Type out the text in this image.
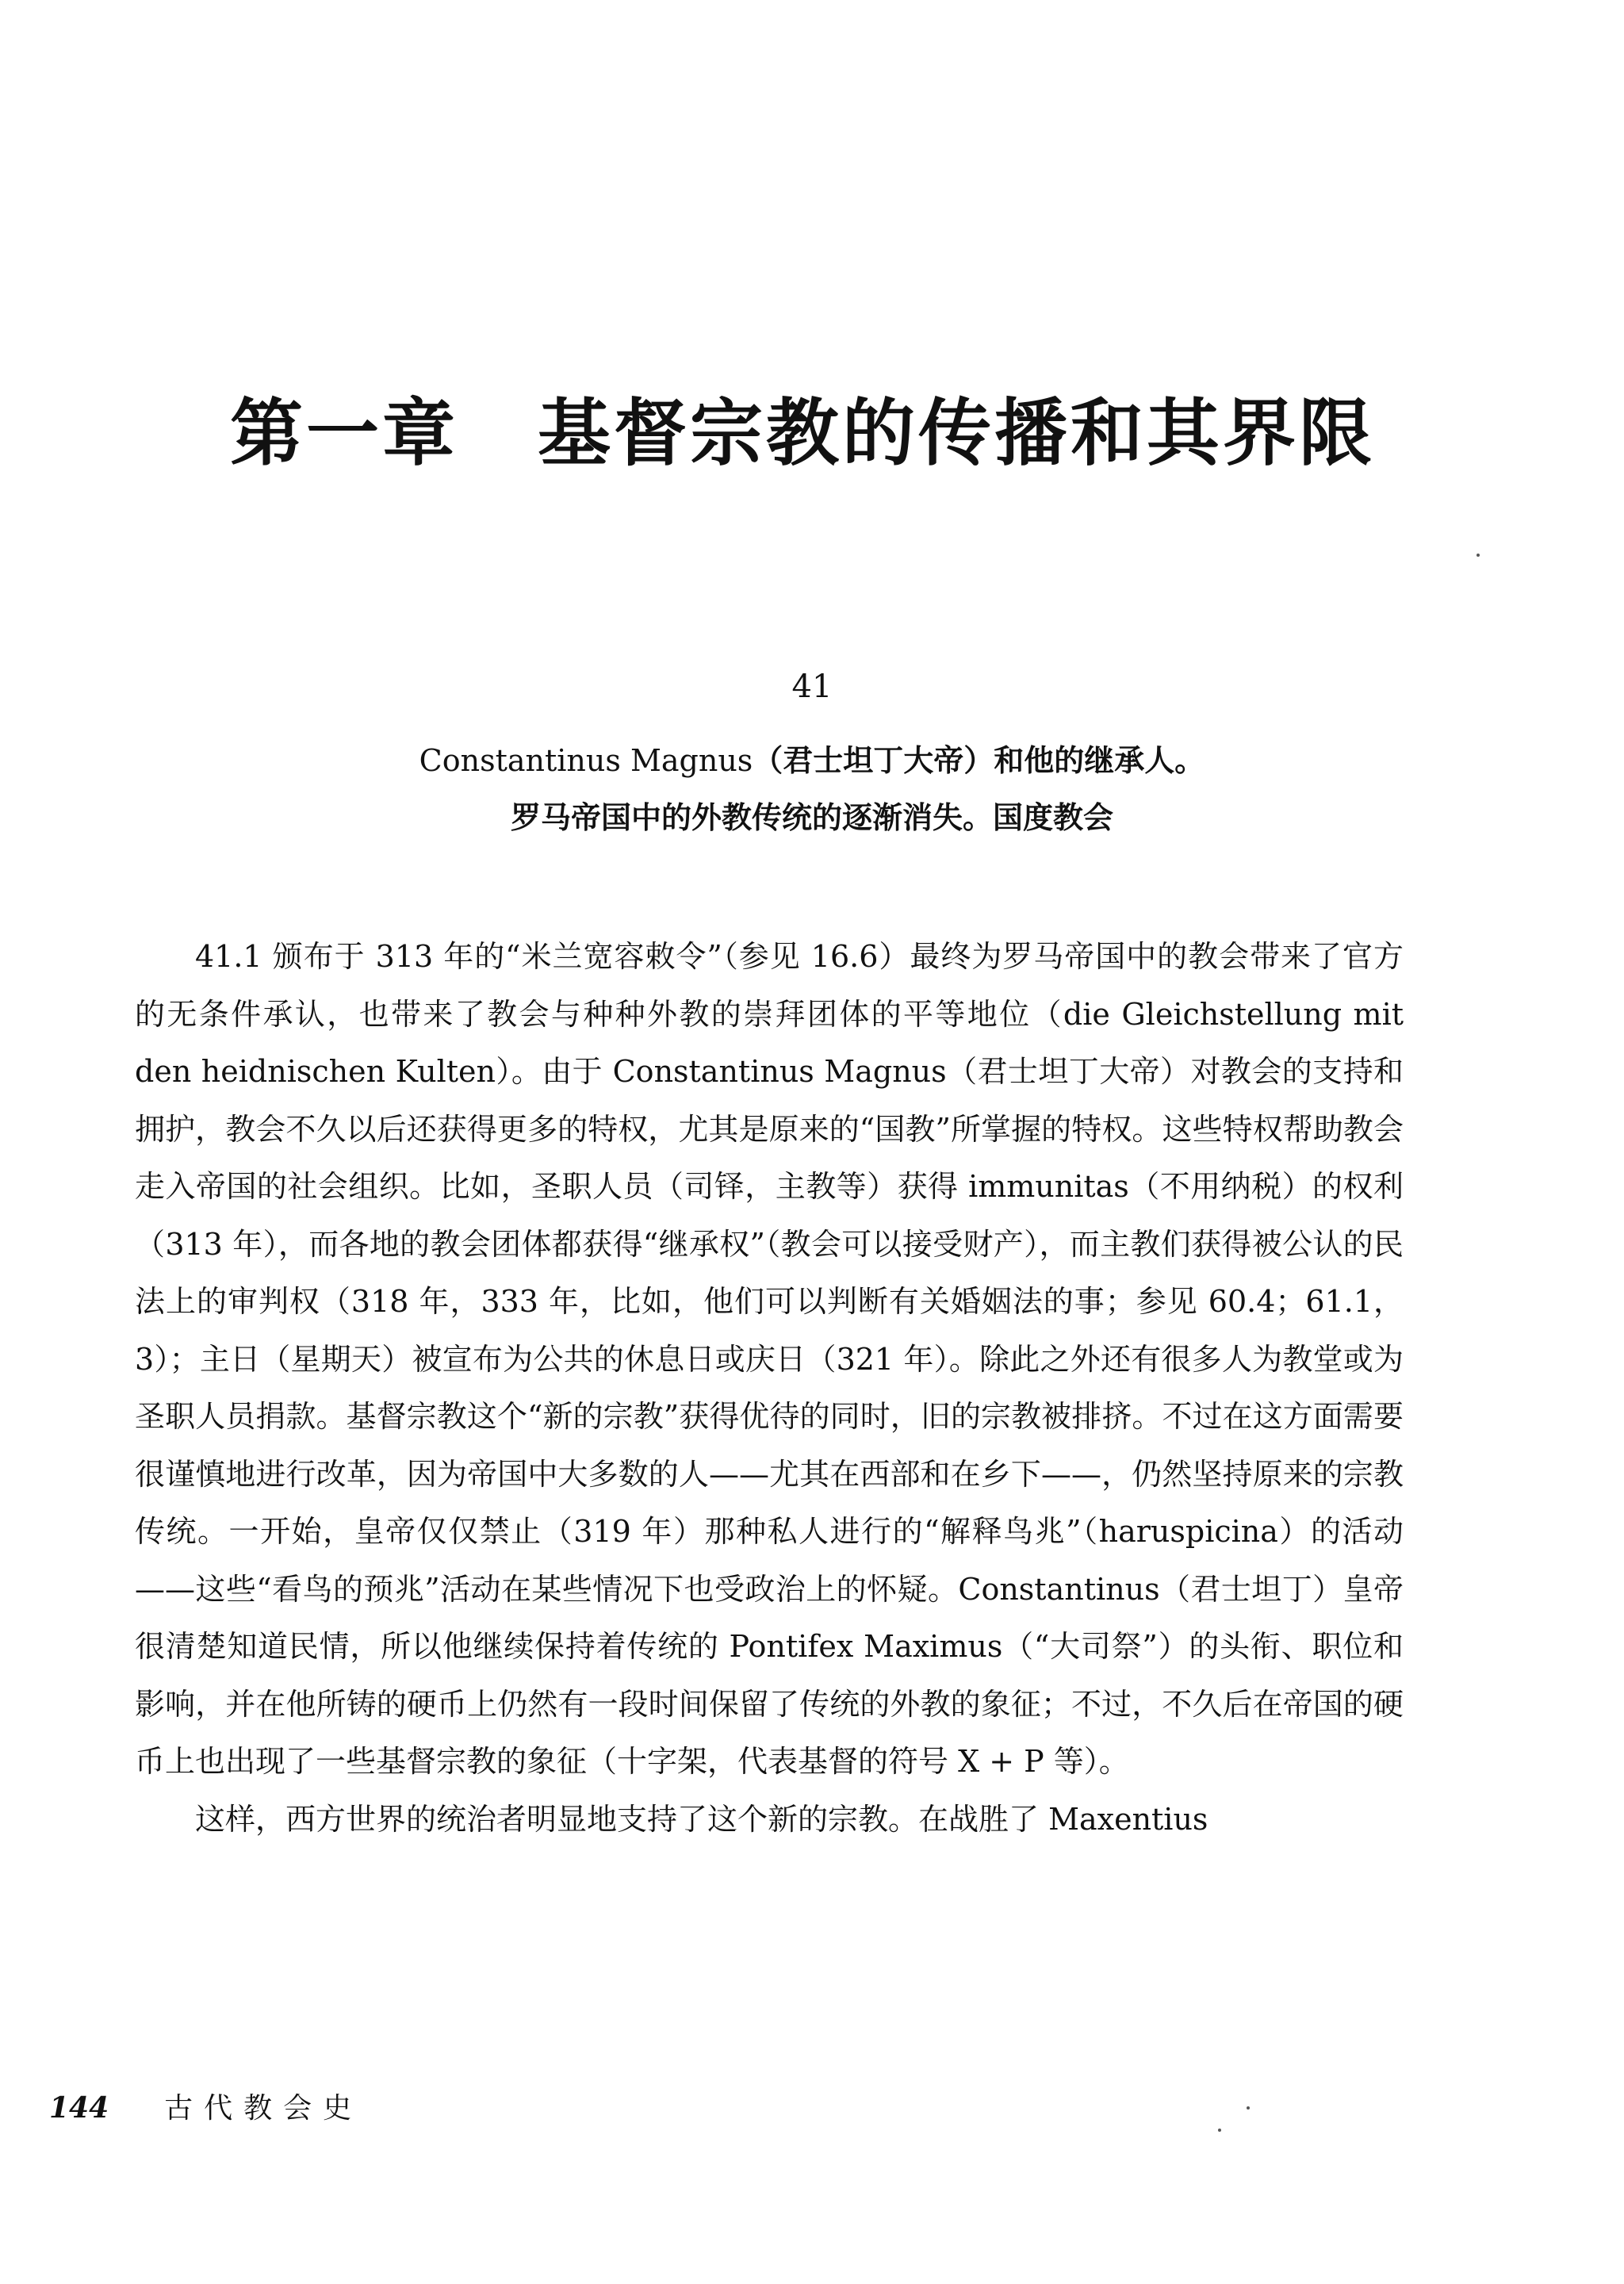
第一章 基督宗教的传播和其界限
41
Constantinus Magnus（君士坦丁大帝）和他的继承人。
罗马帝国中的外教传统的逐渐消失。国度教会

41.1 颁布于 313 年的“米兰宽容敕令”（参见 16.6）最终为罗马帝国中的教会带来了官方的无条件承认，也带来了教会与种种外教的崇拜团体的平等地位（die Gleichstellung mit den heidnischen Kulten）。由于 Constantinus Magnus（君士坦丁大帝）对教会的支持和拥护，教会不久以后还获得更多的特权，尤其是原来的“国教”所掌握的特权。这些特权帮助教会走入帝国的社会组织。比如，圣职人员（司铎，主教等）获得 immunitas（不用纳税）的权利（313 年），而各地的教会团体都获得“继承权”（教会可以接受财产），而主教们获得被公认的民法上的审判权（318 年，333 年，比如，他们可以判断有关婚姻法的事；参见 60.4；61.1，3）；主日（星期天）被宣布为公共的休息日或庆日（321 年）。除此之外还有很多人为教堂或为圣职人员捐款。基督宗教这个“新的宗教”获得优待的同时，旧的宗教被排挤。不过在这方面需要很谨慎地进行改革，因为帝国中大多数的人——尤其在西部和在乡下——，仍然坚持原来的宗教传统。一开始，皇帝仅仅禁止（319 年）那种私人进行的“解释鸟兆”（haruspicina）的活动——这些“看鸟的预兆”活动在某些情况下也受政治上的怀疑。Constantinus（君士坦丁）皇帝很清楚知道民情，所以他继续保持着传统的 Pontifex Maximus（“大司祭”）的头衔、职位和影响，并在他所铸的硬币上仍然有一段时间保留了传统的外教的象征；不过，不久后在帝国的硬币上也出现了一些基督宗教的象征（十字架，代表基督的符号 X + P 等）。

这样，西方世界的统治者明显地支持了这个新的宗教。在战胜了 Maxentius

144 古代教会史
